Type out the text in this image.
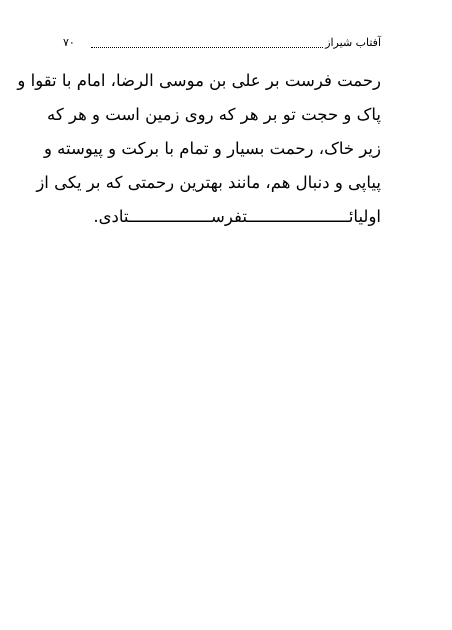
آفتاب شیراز
۷۰
رحمت فرست بر علی بن موسی الرضا، امام با تقوا و
پاک و حجت تو بر هر که روی زمین است و هر که
زیر خاک، رحمت بسیار و تمام با برکت و پیوسته و
پیاپی و دنبال هم، مانند بهترین رحمتی که بر یکی از
اولیائـــــــــــــــــــــتفرســـــــــــــــــتادی.
